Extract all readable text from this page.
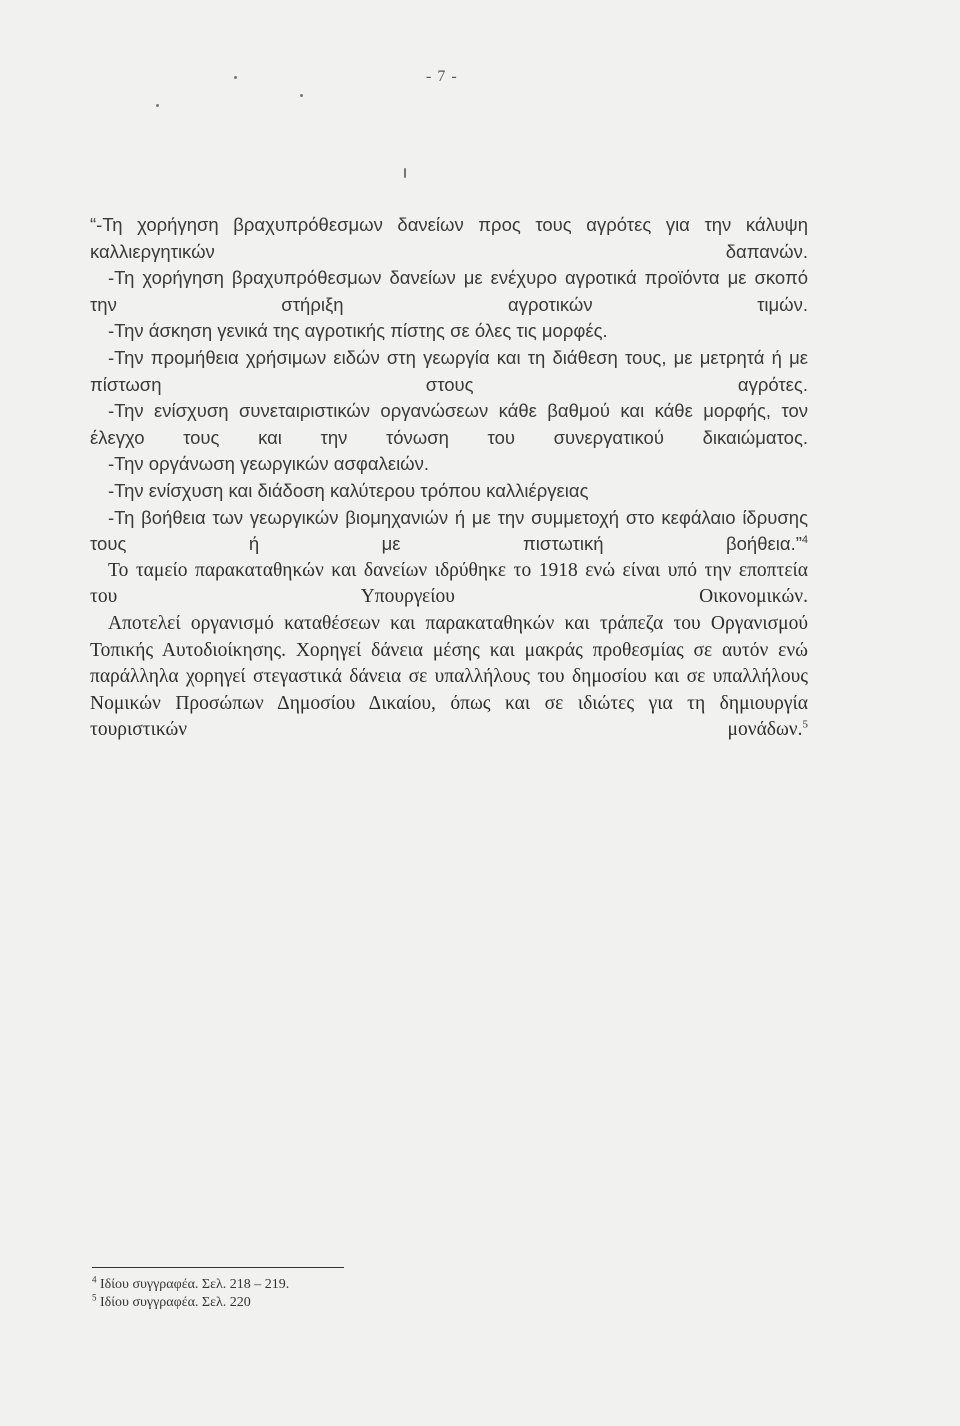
- 7 -

“-Τη χορήγηση βραχυπρόθεσμων δανείων προς τους αγρότες για την κάλυψη καλλιεργητικών δαπανών.

-Τη χορήγηση βραχυπρόθεσμων δανείων με ενέχυρο αγροτικά προϊόντα με σκοπό την στήριξη αγροτικών τιμών.

-Την άσκηση γενικά της αγροτικής πίστης σε όλες τις μορφές.

-Την προμήθεια χρήσιμων ειδών στη γεωργία και τη διάθεση τους, με μετρητά ή με πίστωση στους αγρότες.

-Την ενίσχυση συνεταιριστικών οργανώσεων κάθε βαθμού και κάθε μορφής, τον έλεγχο τους και την τόνωση του συνεργατικού δικαιώματος.

-Την οργάνωση γεωργικών ασφαλειών.

-Την ενίσχυση και διάδοση καλύτερου τρόπου καλλιέργειας

-Τη βοήθεια των γεωργικών βιομηχανιών ή με την συμμετοχή στο κεφάλαιο ίδρυσης τους ή με πιστωτική βοήθεια.”$^4$

Το ταμείο παρακαταθηκών και δανείων ιδρύθηκε το 1918 ενώ είναι υπό την εποπτεία του Υπουργείου Οικονομικών.

Αποτελεί οργανισμό καταθέσεων και παρακαταθηκών και τράπεζα του Οργανισμού Τοπικής Αυτοδιοίκησης. Χορηγεί δάνεια μέσης και μακράς προθεσμίας σε αυτόν ενώ παράλληλα χορηγεί στεγαστικά δάνεια σε υπαλλήλους του δημοσίου και σε υπαλλήλους Νομικών Προσώπων Δημοσίου Δικαίου, όπως και σε ιδιώτες για τη δημιουργία τουριστικών μονάδων.$^5$

$^4$ Ιδίου συγγραφέα. Σελ. 218 – 219.
$^5$ Ιδίου συγγραφέα. Σελ. 220
